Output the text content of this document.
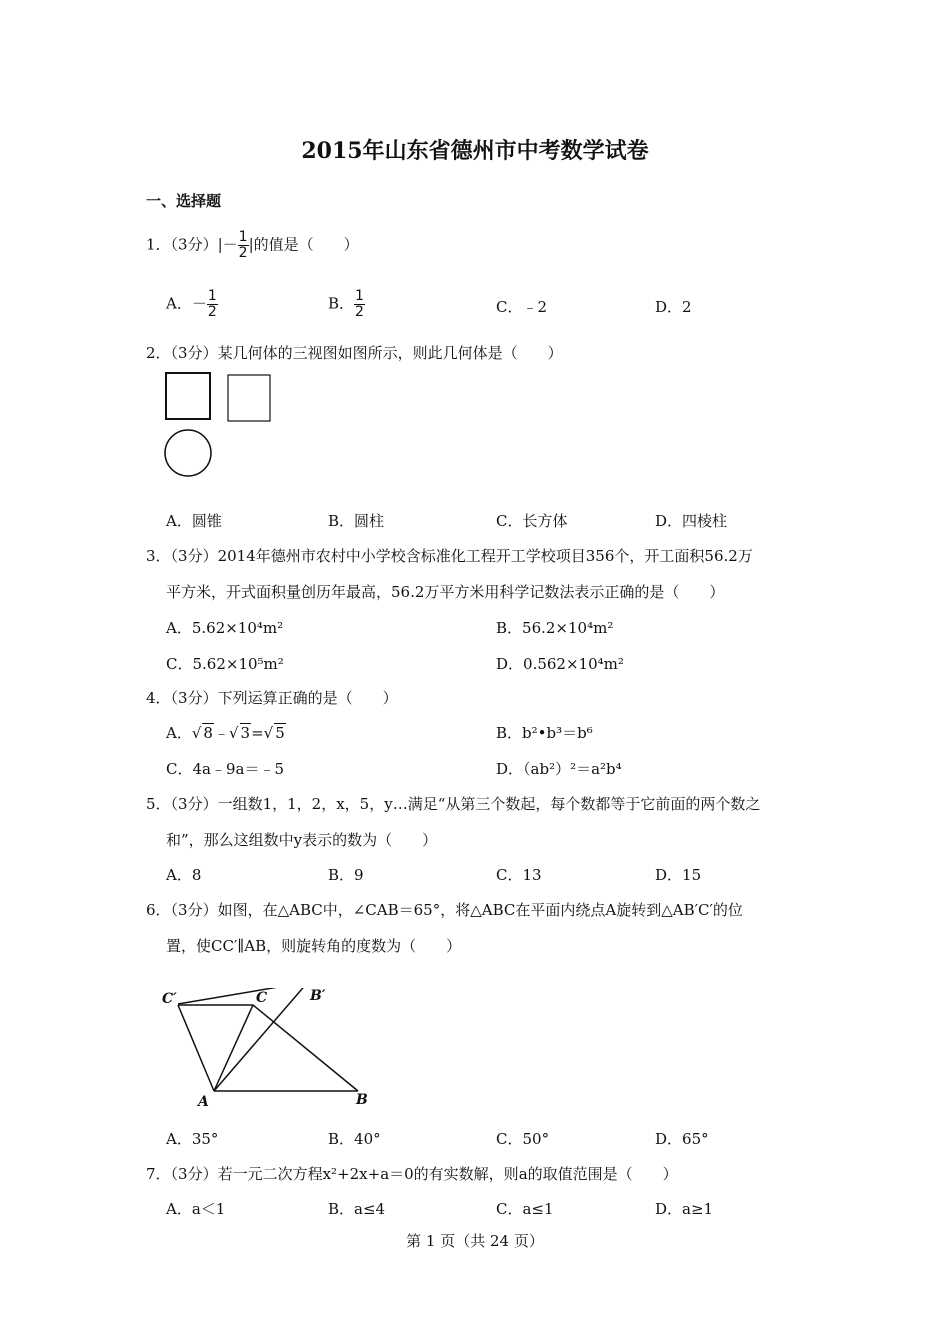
2015年山东省德州市中考数学试卷
一、选择题
1．（3分）|－ $\frac{1}{2}$ |的值是（　　）
A．－ $\frac{1}{2}$	B． $\frac{1}{2}$	C．﹣2	D．2
2．（3分）某几何体的三视图如图所示，则此几何体是（　　）
A．圆锥	B．圆柱	C．长方体	D．四棱柱
3．（3分）2014年德州市农村中小学校含标准化工程开工学校项目356个，开工面积56.2万
平方米，开式面积量创历年最高，56.2万平方米用科学记数法表示正确的是（　　）
A．5.62×10⁴m²	B．56.2×10⁴m²
C．5.62×10⁵m²	D．0.562×10⁴m²
4．（3分）下列运算正确的是（　　）
A．√ 8﹣√ 3=√ 5	B．b²•b³＝b⁶
C．4a﹣9a＝﹣5	D．（ab²）²＝a²b⁴
5．（3分）一组数1，1，2，x，5，y…满足“从第三个数起，每个数都等于它前面的两个数之
和”，那么这组数中y表示的数为（　　）
A．8	B．9	C．13	D．15
6．（3分）如图，在△ABC中，∠CAB＝65°，将△ABC在平面内绕点A旋转到△AB′C′的位
置，使CC′∥AB，则旋转角的度数为（　　）
C′	C	B′
A	B
A．35°	B．40°	C．50°	D．65°
7．（3分）若一元二次方程x²+2x+a＝0的有实数解，则a的取值范围是（　　）
A．a＜1	B．a≤4	C．a≤1	D．a≥1
第 1 页（共 24 页）
